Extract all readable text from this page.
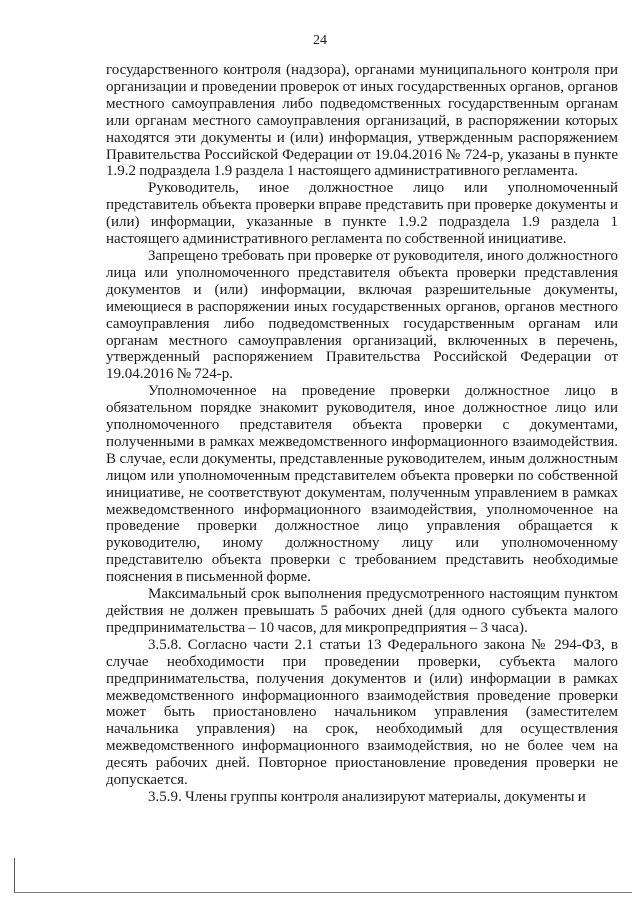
24

государственного контроля (надзора), органами муниципального контроля при организации и проведении проверок от иных государственных органов, органов местного самоуправления либо подведомственных государственным органам или органам местного самоуправления организаций, в распоряжении которых находятся эти документы и (или) информация, утвержденным распоряжением Правительства Российской Федерации от 19.04.2016 № 724-р, указаны в пункте 1.9.2 подраздела 1.9 раздела 1 настоящего административного регламента.

Руководитель, иное должностное лицо или уполномоченный представитель объекта проверки вправе представить при проверке документы и (или) информации, указанные в пункте 1.9.2 подраздела 1.9 раздела 1 настоящего административного регламента по собственной инициативе.

Запрещено требовать при проверке от руководителя, иного должностного лица или уполномоченного представителя объекта проверки представления документов и (или) информации, включая разрешительные документы, имеющиеся в распоряжении иных государственных органов, органов местного самоуправления либо подведомственных государственным органам или органам местного самоуправления организаций, включенных в перечень, утвержденный распоряжением Правительства Российской Федерации от 19.04.2016 № 724-р.

Уполномоченное на проведение проверки должностное лицо в обязательном порядке знакомит руководителя, иное должностное лицо или уполномоченного представителя объекта проверки с документами, полученными в рамках межведомственного информационного взаимодействия. В случае, если документы, представленные руководителем, иным должностным лицом или уполномоченным представителем объекта проверки по собственной инициативе, не соответствуют документам, полученным управлением в рамках межведомственного информационного взаимодействия, уполномоченное на проведение проверки должностное лицо управления обращается к руководителю, иному должностному лицу или уполномоченному представителю объекта проверки с требованием представить необходимые пояснения в письменной форме.

Максимальный срок выполнения предусмотренного настоящим пунктом действия не должен превышать 5 рабочих дней (для одного субъекта малого предпринимательства – 10 часов, для микропредприятия – 3 часа).

3.5.8. Согласно части 2.1 статьи 13 Федерального закона № 294-ФЗ, в случае необходимости при проведении проверки, субъекта малого предпринимательства, получения документов и (или) информации в рамках межведомственного информационного взаимодействия проведение проверки может быть приостановлено начальником управления (заместителем начальника управления) на срок, необходимый для осуществления межведомственного информационного взаимодействия, но не более чем на десять рабочих дней. Повторное приостановление проведения проверки не допускается.

3.5.9. Члены группы контроля анализируют материалы, документы и
